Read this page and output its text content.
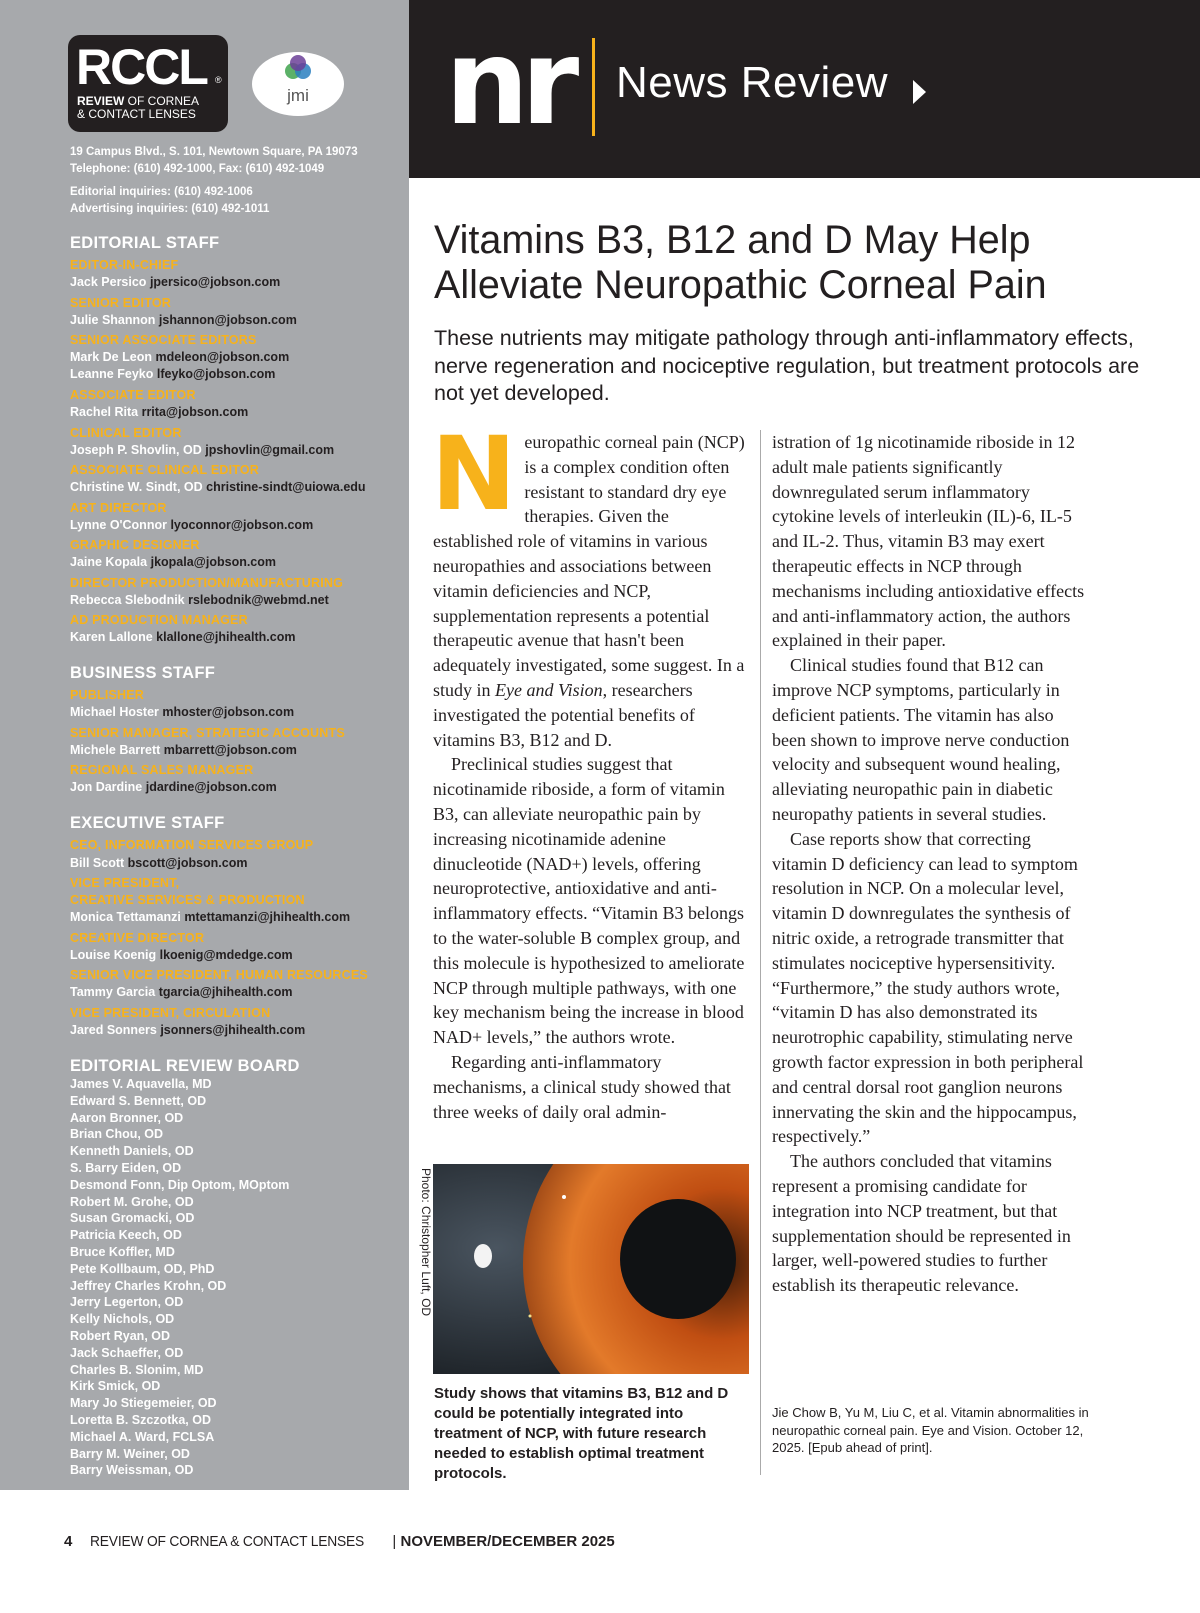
RCCL ®
REVIEW OF CORNEA
& CONTACT LENSES
jmi
19 Campus Blvd., S. 101, Newtown Square, PA 19073
Telephone: (610) 492-1000, Fax: (610) 492-1049
Editorial inquiries: (610) 492-1006
Advertising inquiries: (610) 492-1011
EDITORIAL STAFF
EDITOR-IN-CHIEF
Jack Persico jpersico@jobson.com
SENIOR EDITOR
Julie Shannon jshannon@jobson.com
SENIOR ASSOCIATE EDITORS
Mark De Leon mdeleon@jobson.com
Leanne Feyko lfeyko@jobson.com
ASSOCIATE EDITOR
Rachel Rita rrita@jobson.com
CLINICAL EDITOR
Joseph P. Shovlin, OD jpshovlin@gmail.com
ASSOCIATE CLINICAL EDITOR
Christine W. Sindt, OD christine-sindt@uiowa.edu
ART DIRECTOR
Lynne O'Connor lyoconnor@jobson.com
GRAPHIC DESIGNER
Jaine Kopala jkopala@jobson.com
DIRECTOR PRODUCTION/MANUFACTURING
Rebecca Slebodnik rslebodnik@webmd.net
AD PRODUCTION MANAGER
Karen Lallone klallone@jhihealth.com
BUSINESS STAFF
PUBLISHER
Michael Hoster mhoster@jobson.com
SENIOR MANAGER, STRATEGIC ACCOUNTS
Michele Barrett mbarrett@jobson.com
REGIONAL SALES MANAGER
Jon Dardine jdardine@jobson.com
EXECUTIVE STAFF
CEO, INFORMATION SERVICES GROUP
Bill Scott bscott@jobson.com
VICE PRESIDENT,
CREATIVE SERVICES & PRODUCTION
Monica Tettamanzi mtettamanzi@jhihealth.com
CREATIVE DIRECTOR
Louise Koenig lkoenig@mdedge.com
SENIOR VICE PRESIDENT, HUMAN RESOURCES
Tammy Garcia tgarcia@jhihealth.com
VICE PRESIDENT, CIRCULATION
Jared Sonners jsonners@jhihealth.com
EDITORIAL REVIEW BOARD
James V. Aquavella, MD
Edward S. Bennett, OD
Aaron Bronner, OD
Brian Chou, OD
Kenneth Daniels, OD
S. Barry Eiden, OD
Desmond Fonn, Dip Optom, MOptom
Robert M. Grohe, OD
Susan Gromacki, OD
Patricia Keech, OD
Bruce Koffler, MD
Pete Kollbaum, OD, PhD
Jeffrey Charles Krohn, OD
Jerry Legerton, OD
Kelly Nichols, OD
Robert Ryan, OD
Jack Schaeffer, OD
Charles B. Slonim, MD
Kirk Smick, OD
Mary Jo Stiegemeier, OD
Loretta B. Szczotka, OD
Michael A. Ward, FCLSA
Barry M. Weiner, OD
Barry Weissman, OD
nr News Review
Vitamins B3, B12 and D May Help Alleviate Neuropathic Corneal Pain

These nutrients may mitigate pathology through anti-inflammatory effects, nerve regeneration and nociceptive regulation, but treatment protocols are not yet developed.

Neuropathic corneal pain (NCP) is a complex condition often resistant to standard dry eye therapies. Given the established role of vitamins in various neuropathies and associations between vitamin deficiencies and NCP, supplementation represents a potential therapeutic avenue that hasn't been adequately investigated, some suggest. In a study in Eye and Vision, researchers investigated the potential benefits of vitamins B3, B12 and D.

Preclinical studies suggest that nicotinamide riboside, a form of vitamin B3, can alleviate neuropathic pain by increasing nicotinamide adenine dinucleotide (NAD+) levels, offering neuroprotective, antioxidative and anti-inflammatory effects. “Vitamin B3 belongs to the water-soluble B complex group, and this molecule is hypothesized to ameliorate NCP through multiple pathways, with one key mechanism being the increase in blood NAD+ levels,” the authors wrote.

Regarding anti-inflammatory mechanisms, a clinical study showed that three weeks of daily oral admin-

istration of 1g nicotinamide riboside in 12 adult male patients significantly downregulated serum inflammatory cytokine levels of interleukin (IL)-6, IL-5 and IL-2. Thus, vitamin B3 may exert therapeutic effects in NCP through mechanisms including antioxidative effects and anti-inflammatory action, the authors explained in their paper.

Clinical studies found that B12 can improve NCP symptoms, particularly in deficient patients. The vitamin has also been shown to improve nerve conduction velocity and subsequent wound healing, alleviating neuropathic pain in diabetic neuropathy patients in several studies.

Case reports show that correcting vitamin D deficiency can lead to symptom resolution in NCP. On a molecular level, vitamin D downregulates the synthesis of nitric oxide, a retrograde transmitter that stimulates nociceptive hypersensitivity. “Furthermore,” the study authors wrote, “vitamin D has also demonstrated its neurotrophic capability, stimulating nerve growth factor expression in both peripheral and central dorsal root ganglion neurons innervating the skin and the hippocampus, respectively.”

The authors concluded that vitamins represent a promising candidate for integration into NCP treatment, but that supplementation should be represented in larger, well-powered studies to further establish its therapeutic relevance.

Photo: Christopher Luft, OD

Study shows that vitamins B3, B12 and D could be potentially integrated into treatment of NCP, with future research needed to establish optimal treatment protocols.

Jie Chow B, Yu M, Liu C, et al. Vitamin abnormalities in neuropathic corneal pain. Eye and Vision. October 12, 2025. [Epub ahead of print].

4 REVIEW OF CORNEA & CONTACT LENSES | NOVEMBER/DECEMBER 2025
